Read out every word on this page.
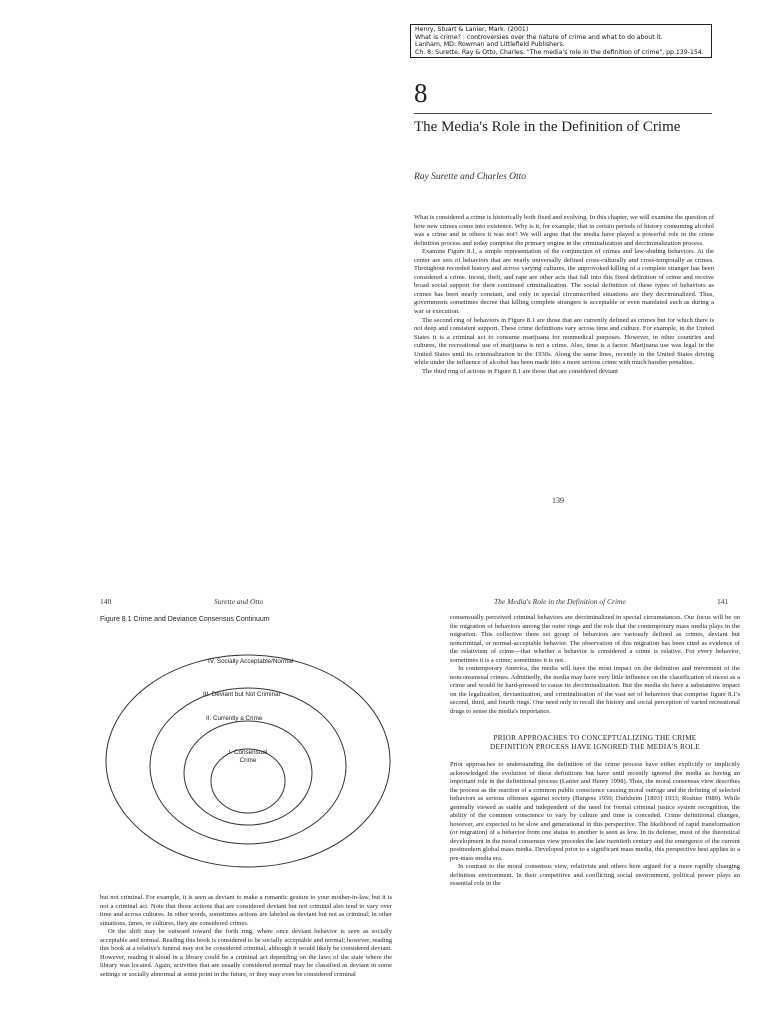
Henry, Stuart & Lanier, Mark. (2001)
What is crime? : controversies over the nature of crime and what to do about it.
Lanham, MD: Rowman and Littlefield Publishers.
Ch. 8: Surette, Ray & Otto, Charles. "The media's role in the definition of crime", pp.139-154.
8
The Media's Role in the Definition of Crime
Ray Surette and Charles Otto

What is considered a crime is historically both fixed and evolving. In this chapter, we will examine the question of how new crimes come into existence. Why is it, for example, that in certain periods of history consuming alcohol was a crime and in others it was not? We will argue that the media have played a powerful role in the crime definition process and today comprise the primary engine in the criminalization and decriminalization process.

Examine Figure 8.1, a simple representation of the conjunction of crimes and law-abiding behaviors. At the center are sets of behaviors that are nearly universally defined cross-culturally and cross-temporally as crimes. Throughout recorded history and across varying cultures, the unprovoked killing of a complete stranger has been considered a crime. Incest, theft, and rape are other acts that fall into this fixed definition of crime and receive broad social support for their continued criminalization. The social definition of these types of behaviors as crimes has been nearly constant, and only in special circumscribed situations are they decriminalized. Thus, governments sometimes decree that killing complete strangers is acceptable or even mandated such as during a war or execution.

The second ring of behaviors in Figure 8.1 are those that are currently defined as crimes but for which there is not deep and consistent support. These crime definitions vary across time and culture. For example, in the United States it is a criminal act to consume marijuana for nonmedical purposes. However, in other countries and cultures, the recreational use of marijuana is not a crime. Also, time is a factor. Marijuana use was legal in the United States until its criminalization in the 1930s. Along the same lines, recently in the United States driving while under the influence of alcohol has been made into a more serious crime with much harsher penalties.

The third ring of actions in Figure 8.1 are those that are considered deviant

139
140	Surette and Otto
Figure 8.1 Crime and Deviance Consensus Continuum
IV. Socially Acceptable/Normal
III. Deviant but Not Criminal
II. Currently a Crime
I. Consensual
Crime

but not criminal. For example, it is seen as deviant to make a romantic gesture to your mother-in-law, but it is not a criminal act. Note that those actions that are considered deviant but not criminal also tend to vary over time and across cultures. In other words, sometimes actions are labeled as deviant but not as criminal; in other situations, times, or cultures, they are considered crimes.

Or the shift may be outward toward the forth ring, where once deviant behavior is seen as socially acceptable and normal. Reading this book is considered to be socially acceptable and normal; however, reading this book at a relative's funeral may not be considered criminal, although it would likely be considered deviant. However, reading it aloud in a library could be a criminal act depending on the laws of the state where the library was located. Again, activities that are usually considered normal may be classified as deviant in some settings or socially abnormal at some point in the future, or they may even be considered criminal

The Media's Role in the Definition of Crime	141

consensually perceived criminal behaviors are decriminalized in special circumstances. Our focus will be on the migration of behaviors among the outer rings and the role that the contemporary mass media plays in the migration. This collective three set group of behaviors are variously defined as crimes, deviant but noncriminal, or normal-acceptable behavior. The observation of this migration has been cited as evidence of the relativism of crime—that whether a behavior is considered a crime is relative. For every behavior, sometimes it is a crime; sometimes it is not.

In contemporary America, the media will have the most impact on the definition and movement of the nonconsensual crimes. Admittedly, the media may have very little influence on the classification of incest as a crime and would be hard-pressed to cause its decriminalization. But the media do have a substantive impact on the legalization, deviantization, and criminalization of the vast set of behaviors that comprise figure 8.1's second, third, and fourth rings. One need only to recall the history and social perception of varied recreational drugs to sense the media's importance.

PRIOR APPROACHES TO CONCEPTUALIZING THE CRIME
DEFINITION PROCESS HAVE IGNORED THE MEDIA'S ROLE

Prior approaches to understanding the definition of the crime process have either explicitly or implicitly acknowledged the evolution of these definitions but have until recently ignored the media as having an important role in the definitional process (Lanier and Henry 1998). Thus, the moral consensus view describes the process as the reaction of a common public conscience causing moral outrage and the defining of selected behaviors as serious offenses against society (Burgess 1950; Durkheim [1893] 1933; Roshier 1989). While generally viewed as stable and independent of the need for formal criminal justice system recognition, the ability of the common conscience to vary by culture and time is conceded. Crime definitional changes, however, are expected to be slow and generational in this perspective. The likelihood of rapid transformation (or migration) of a behavior from one status to another is seen as low. In its defense, most of the theoretical development in the moral consensus view precedes the late twentieth century and the emergence of the current postmodern global mass media. Developed prior to a significant mass media, this perspective best applies to a pre-mass media era.

In contrast to the moral consensus view, relativists and others here argued for a more rapidly changing definition environment. In their competitive and conflicting social environment, political power plays an essential role in the
